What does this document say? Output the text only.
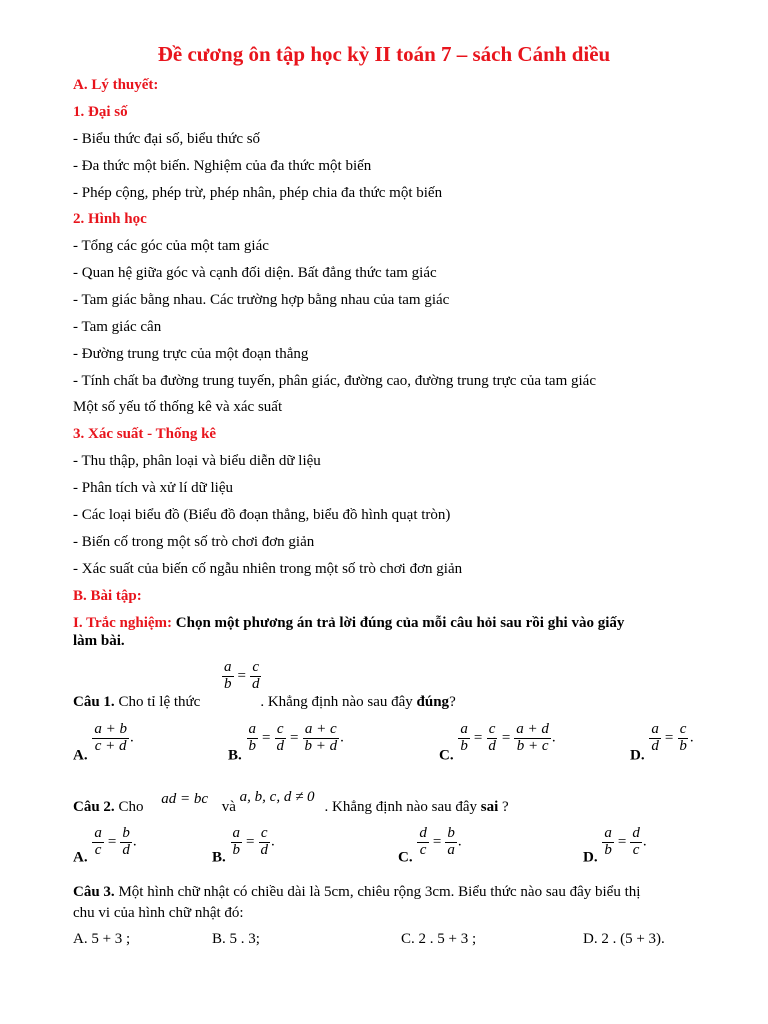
Đề cương ôn tập học kỳ II toán 7 – sách Cánh diều
A. Lý thuyết:
1. Đại số
- Biểu thức đại số, biểu thức số
- Đa thức một biến. Nghiệm của đa thức một biến
- Phép cộng, phép trừ, phép nhân, phép chia đa thức một biến
2. Hình học
- Tổng các góc của một tam giác
- Quan hệ giữa góc và cạnh đối diện. Bất đẳng thức tam giác
- Tam giác bằng nhau. Các trường hợp bằng nhau của tam giác
- Tam giác cân
- Đường trung trực của một đoạn thẳng
- Tính chất ba đường trung tuyến, phân giác, đường cao, đường trung trực của tam giác
Một số yếu tố thống kê và xác suất
3. Xác suất - Thống kê
- Thu thập, phân loại và biểu diễn dữ liệu
- Phân tích và xử lí dữ liệu
- Các loại biểu đồ (Biểu đồ đoạn thẳng, biểu đồ hình quạt tròn)
- Biến cố trong một số trò chơi đơn giản
- Xác suất của biến cố ngẫu nhiên trong một số trò chơi đơn giản
B. Bài tập:
I. Trắc nghiệm: Chọn một phương án trả lời đúng của mỗi câu hỏi sau rồi ghi vào giấy
làm bài.
$\frac{a}{b} = \frac{c}{d}$
Câu 1. Cho tỉ lệ thức	. Khẳng định nào sau đây đúng?
A.
$\frac{a + b}{c + d}$ .
B.
$\frac{a}{b} = \frac{c}{d} = \frac{a + c}{b + d}$ .
C.
$\frac{a}{b} = \frac{c}{d} = \frac{a + d}{b + c}$ .
D.
$\frac{a}{d} = \frac{c}{b}$ .
Câu 2. Cho ad = bc và a, b, c, d ≠ 0. Khẳng định nào sau đây sai ?
A. $\frac{a}{c} = \frac{b}{d}$ .
B. $\frac{a}{b} = \frac{c}{d}$ .
C. $\frac{d}{c} = \frac{b}{a}$ .
D. $\frac{a}{b} = \frac{d}{c}$ .
Câu 3. Một hình chữ nhật có chiều dài là 5cm, chiêu rộng 3cm. Biểu thức nào sau đây biểu thị
chu vi của hình chữ nhật đó:
A. 5 + 3 ;	B. 5 . 3;	C. 2 . 5 + 3 ;	D. 2 . (5 + 3).
